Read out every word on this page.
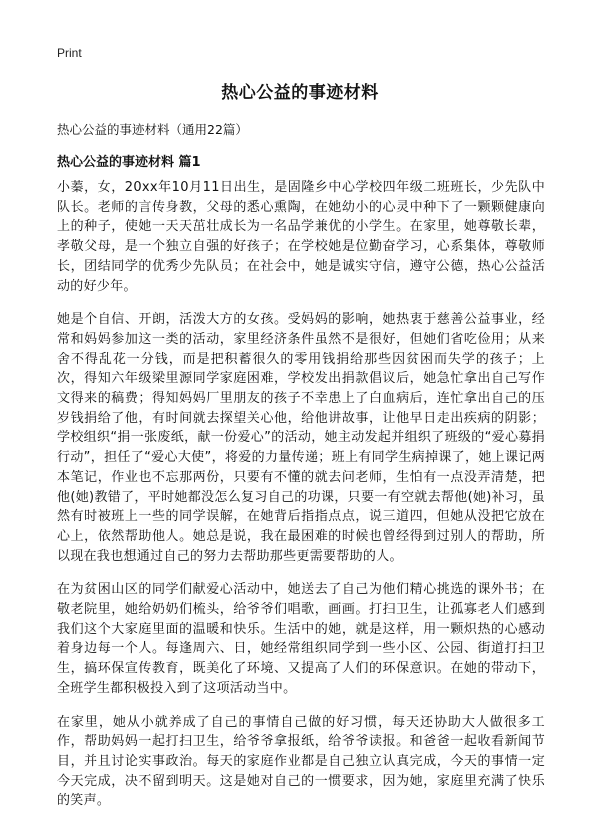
Print
热心公益的事迹材料

热心公益的事迹材料（通用22篇）

热心公益的事迹材料 篇1

小蓁，女，20xx年10月11日出生，是固隆乡中心学校四年级二班班长，少先队中队长。老师的言传身教，父母的悉心熏陶，在她幼小的心灵中种下了一颗颗健康向上的种子，使她一天天茁壮成长为一名品学兼优的小学生。在家里，她尊敬长辈，孝敬父母，是一个独立自强的好孩子；在学校她是位勤奋学习，心系集体，尊敬师长，团结同学的优秀少先队员；在社会中，她是诚实守信，遵守公德，热心公益活动的好少年。

她是个自信、开朗，活泼大方的女孩。受妈妈的影响，她热衷于慈善公益事业，经常和妈妈参加这一类的活动，家里经济条件虽然不是很好，但她们省吃俭用；从来舍不得乱花一分钱，而是把积蓄很久的零用钱捐给那些因贫困而失学的孩子；上次，得知六年级梁里源同学家庭困难，学校发出捐款倡议后，她急忙拿出自己写作文得来的稿费；得知妈妈厂里朋友的孩子不幸患上了白血病后，连忙拿出自己的压岁钱捐给了他，有时间就去探望关心他，给他讲故事，让他早日走出疾病的阴影；学校组织“捐一张废纸，献一份爱心”的活动，她主动发起并组织了班级的“爱心募捐行动”，担任了“爱心大使”，将爱的力量传递；班上有同学生病掉课了，她上课记两本笔记，作业也不忘那两份，只要有不懂的就去问老师，生怕有一点没弄清楚，把他(她)教错了，平时她都没怎么复习自己的功课，只要一有空就去帮他(她)补习，虽然有时被班上一些的同学误解，在她背后指指点点，说三道四，但她从没把它放在心上，依然帮助他人。她总是说，我在最困难的时候也曾经得到过别人的帮助，所以现在我也想通过自己的努力去帮助那些更需要帮助的人。

在为贫困山区的同学们献爱心活动中，她送去了自己为他们精心挑选的课外书；在敬老院里，她给奶奶们梳头，给爷爷们唱歌，画画。打扫卫生，让孤寡老人们感到我们这个大家庭里面的温暖和快乐。生活中的她，就是这样，用一颗炽热的心感动着身边每一个人。每逢周六、日，她经常组织同学到一些小区、公园、街道打扫卫生，搞环保宣传教育，既美化了环境、又提高了人们的环保意识。在她的带动下，全班学生都积极投入到了这项活动当中。

在家里，她从小就养成了自己的事情自己做的好习惯，每天还协助大人做很多工作，帮助妈妈一起打扫卫生，给爷爷拿报纸，给爷爷读报。和爸爸一起收看新闻节目，并且讨论实事政治。每天的家庭作业都是自己独立认真完成，今天的事情一定今天完成，决不留到明天。这是她对自己的一惯要求，因为她，家庭里充满了快乐的笑声。
